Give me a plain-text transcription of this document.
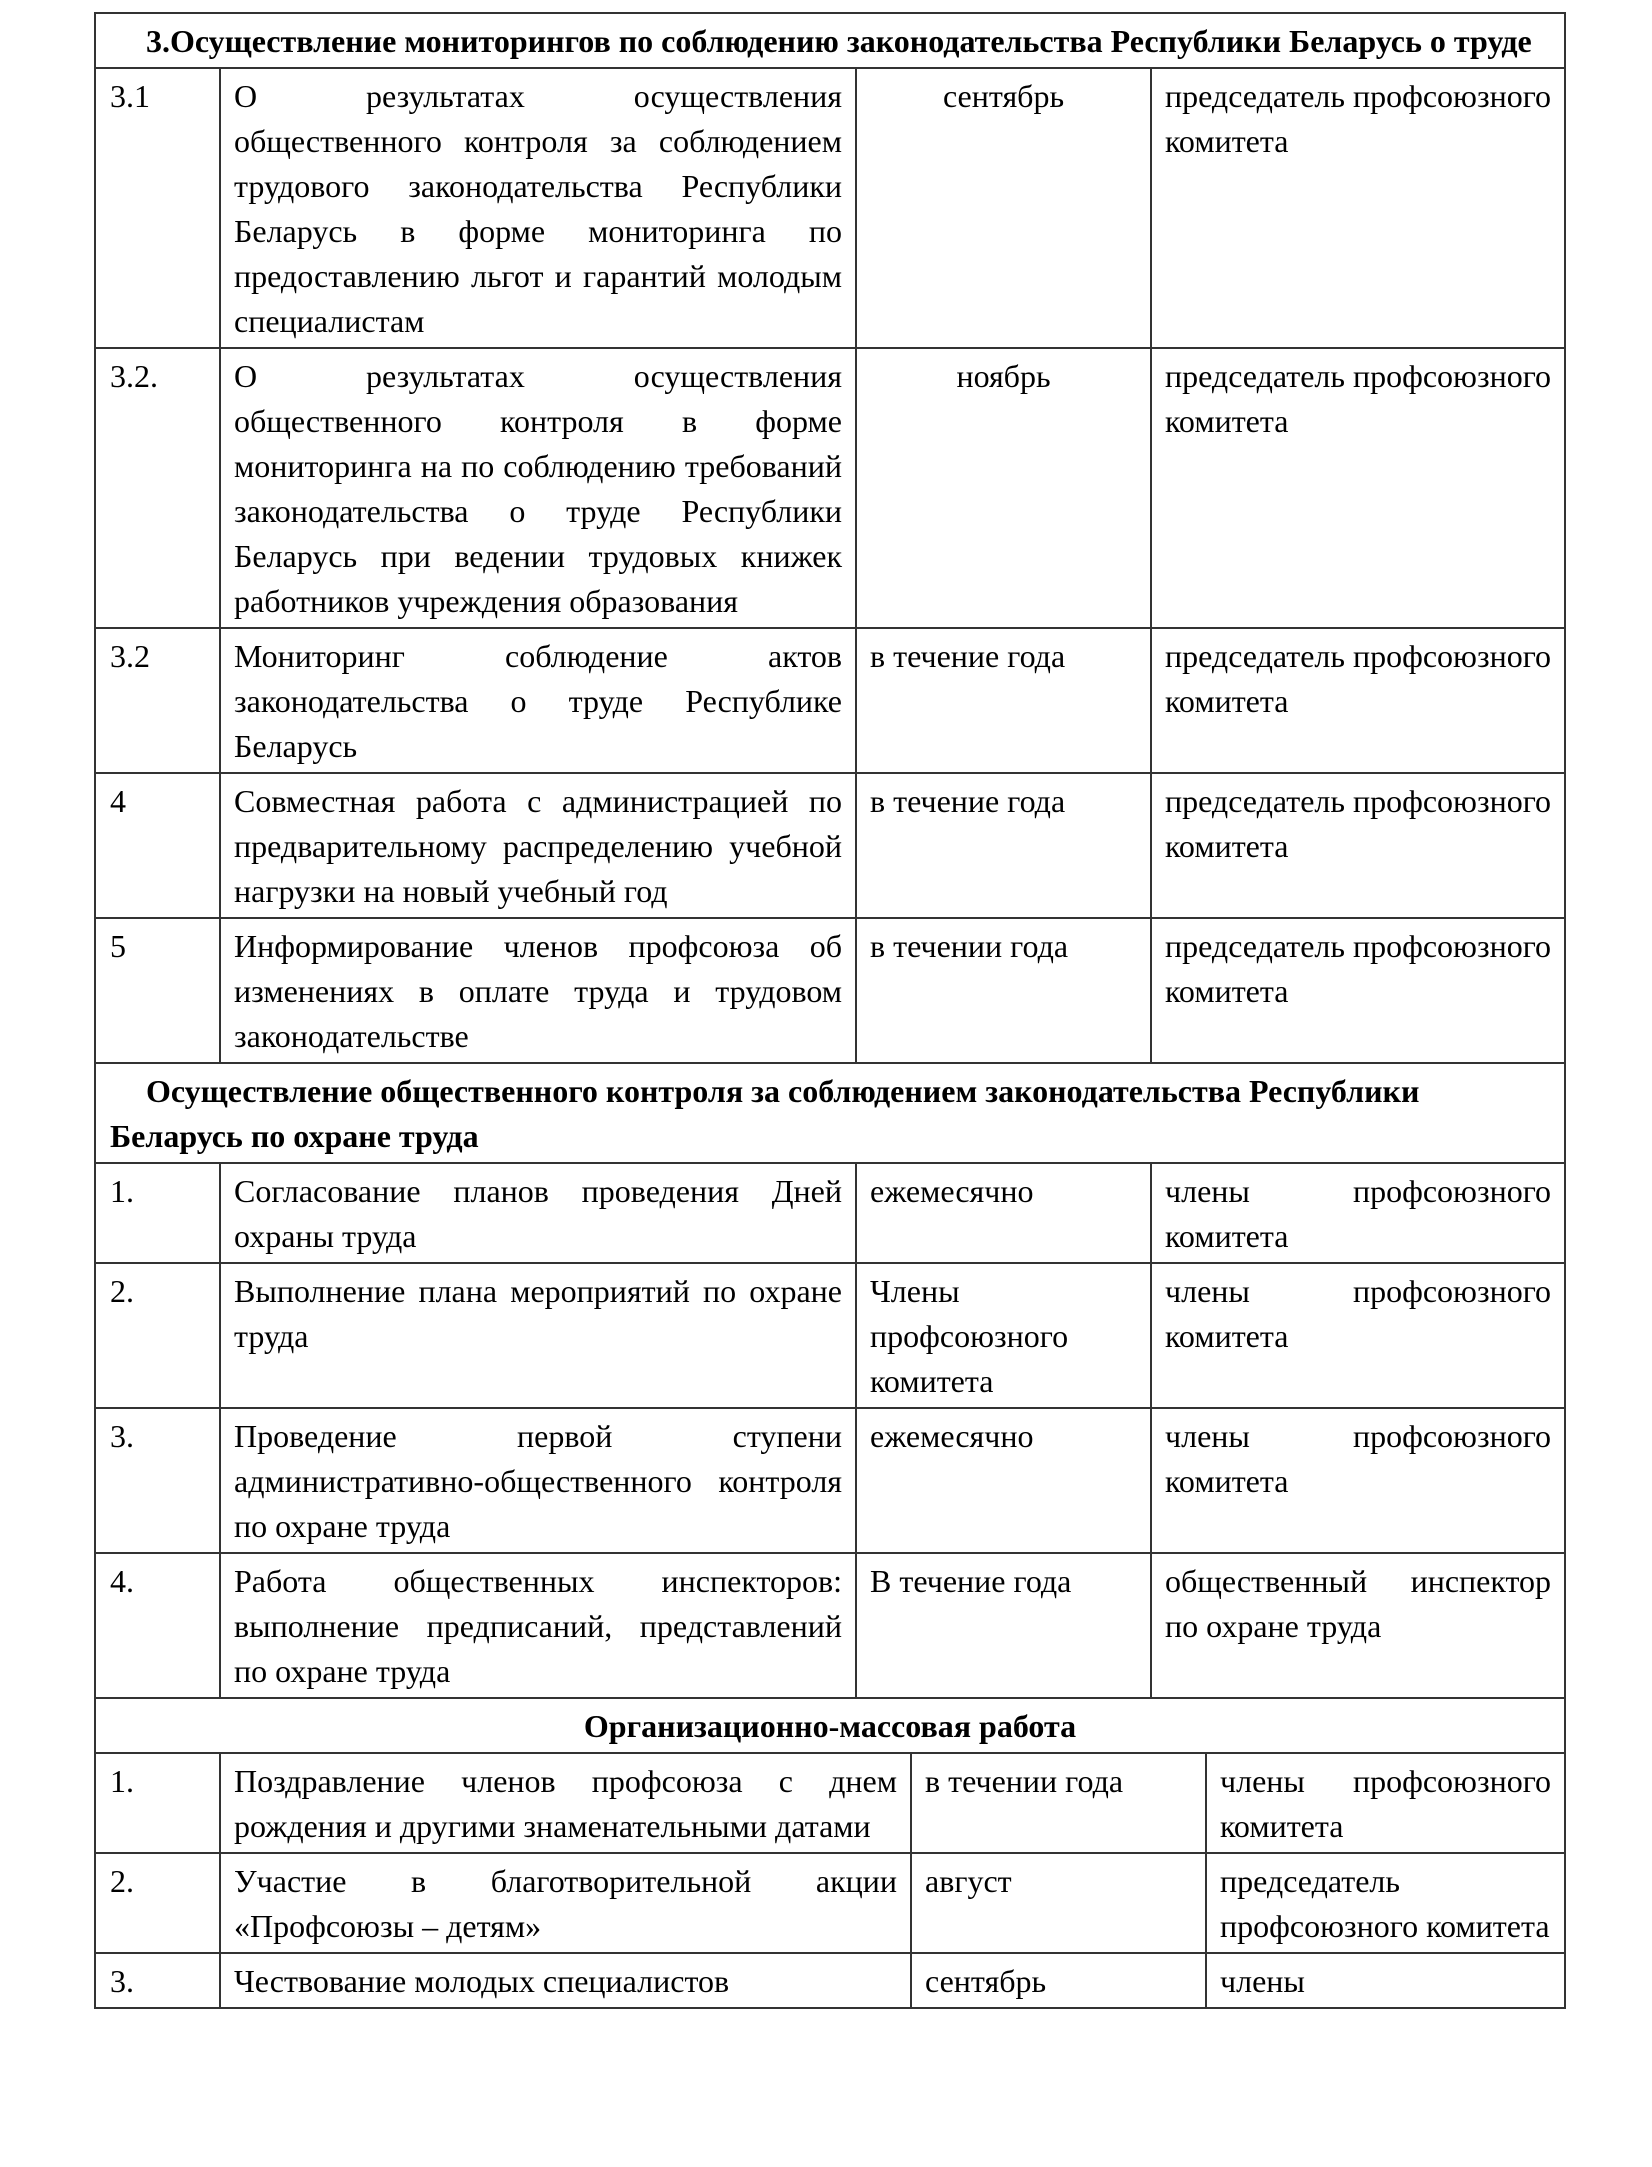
3.Осуществление мониторингов по соблюдению законодательства Республики Беларусь о труде					
3.1	О результатах осуществления общественного контроля за соблюдением трудового законодательства Республики Беларусь в форме мониторинга по предоставлению льгот и гарантий молодым специалистам	сентябрь		председатель профсоюзного комитета	
3.2.	О результатах осуществления общественного контроля в форме мониторинга на по соблюдению требований законодательства о труде Республики Беларусь при ведении трудовых книжек работников учреждения образования	ноябрь		председатель профсоюзного комитета	
3.2	Мониторинг соблюдение актов законодательства о труде Республике Беларусь	в течение года		председатель профсоюзного комитета	
4	Совместная работа с администрацией по предварительному распределению учебной нагрузки на новый учебный год	в течение года		председатель профсоюзного комитета	
5	Информирование членов профсоюза об изменениях в оплате труда и трудовом законодательстве	в течении года		председатель профсоюзного комитета	
Осуществление общественного контроля за соблюдением законодательства Республики Беларусь по охране труда					
1.	Согласование планов проведения Дней охраны труда	ежемесячно		члены профсоюзного комитета	
2.	Выполнение плана мероприятий по охране труда	Члены профсоюзного комитета		члены профсоюзного комитета	
3.	Проведение первой ступени административно-общественного контроля по охране труда	ежемесячно		члены профсоюзного комитета	
4.	Работа общественных инспекторов: выполнение предписаний, представлений по охране труда	В течение года		общественный инспектор по охране труда	
Организационно-массовая работа					
1.	Поздравление членов профсоюза с днем рождения и другими знаменательными датами		в течении года		члены профсоюзного комитета
2.	Участие в благотворительной акции «Профсоюзы – детям»		август		председатель профсоюзного комитета
3.	Чествование молодых специалистов		сентябрь		члены
